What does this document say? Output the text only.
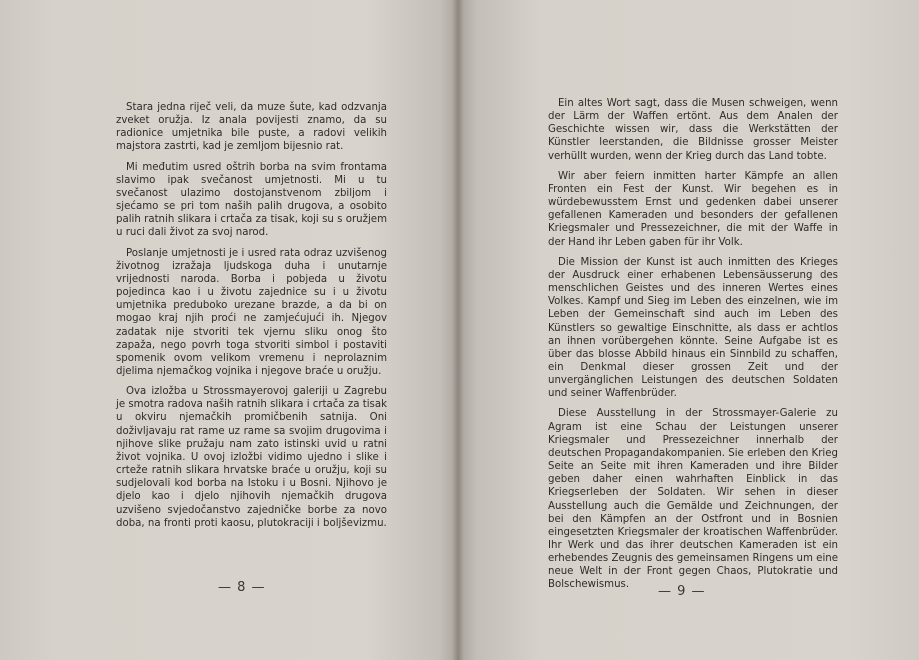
Stara jedna riječ veli, da muze šute, kad odzvanja zveket oružja. Iz anala povijesti znamo, da su radionice umjetnika bile puste, a radovi velikih majstora zastrti, kad je zemljom bijesnio rat.

Mi međutim usred oštrih borba na svim frontama slavimo ipak svečanost umjetnosti. Mi u tu svečanost ulazimo dostojanstvenom zbiljom i sjećamo se pri tom naših palih drugova, a osobito palih ratnih slikara i crtača za tisak, koji su s oružjem u ruci dali život za svoj narod.

Poslanje umjetnosti je i usred rata odraz uzvišenog životnog izražaja ljudskoga duha i unutarnje vrijednosti naroda. Borba i pobjeda u životu pojedinca kao i u životu zajednice su i u životu umjetnika preduboko urezane brazde, a da bi on mogao kraj njih proći ne zamjećujući ih. Njegov zadatak nije stvoriti tek vjernu sliku onog što zapaža, nego povrh toga stvoriti simbol i postaviti spomenik ovom velikom vremenu i neprolaznim djelima njemačkog vojnika i njegove braće u oružju.

Ova izložba u Strossmayerovoj galeriji u Zagrebu je smotra radova naših ratnih slikara i crtača za tisak u okviru njemačkih promičbenih satnija. Oni doživljavaju rat rame uz rame sa svojim drugovima i njihove slike pružaju nam zato istinski uvid u ratni život vojnika. U ovoj izložbi vidimo ujedno i slike i crteže ratnih slikara hrvatske braće u oružju, koji su sudjelovali kod borba na Istoku i u Bosni. Njihovo je djelo kao i djelo njihovih njemačkih drugova uzvišeno svjedočanstvo zajedničke borbe za novo doba, na fronti proti kaosu, plutokraciji i boljševizmu.

— 8 —

Ein altes Wort sagt, dass die Musen schweigen, wenn der Lärm der Waffen ertönt. Aus dem Analen der Geschichte wissen wir, dass die Werkstätten der Künstler leerstanden, die Bildnisse grosser Meister verhüllt wurden, wenn der Krieg durch das Land tobte.

Wir aber feiern inmitten harter Kämpfe an allen Fronten ein Fest der Kunst. Wir begehen es in würdebewusstem Ernst und gedenken dabei unserer gefallenen Kameraden und besonders der gefallenen Kriegsmaler und Pressezeichner, die mit der Waffe in der Hand ihr Leben gaben für ihr Volk.

Die Mission der Kunst ist auch inmitten des Krieges der Ausdruck einer erhabenen Lebensäusserung des menschlichen Geistes und des inneren Wertes eines Volkes. Kampf und Sieg im Leben des einzelnen, wie im Leben der Gemeinschaft sind auch im Leben des Künstlers so gewaltige Einschnitte, als dass er achtlos an ihnen vorübergehen könnte. Seine Aufgabe ist es über das blosse Abbild hinaus ein Sinnbild zu schaffen, ein Denkmal dieser grossen Zeit und der unvergänglichen Leistungen des deutschen Soldaten und seiner Waffenbrüder.

Diese Ausstellung in der Strossmayer-Galerie zu Agram ist eine Schau der Leistungen unserer Kriegsmaler und Pressezeichner innerhalb der deutschen Propagandakompanien. Sie erleben den Krieg Seite an Seite mit ihren Kameraden und ihre Bilder geben daher einen wahrhaften Einblick in das Kriegserleben der Soldaten. Wir sehen in dieser Ausstellung auch die Gemälde und Zeichnungen, der bei den Kämpfen an der Ostfront und in Bosnien eingesetzten Kriegsmaler der kroatischen Waffenbrüder. Ihr Werk und das ihrer deutschen Kameraden ist ein erhebendes Zeugnis des gemeinsamen Ringens um eine neue Welt in der Front gegen Chaos, Plutokratie und Bolschewismus.	— 9 —
